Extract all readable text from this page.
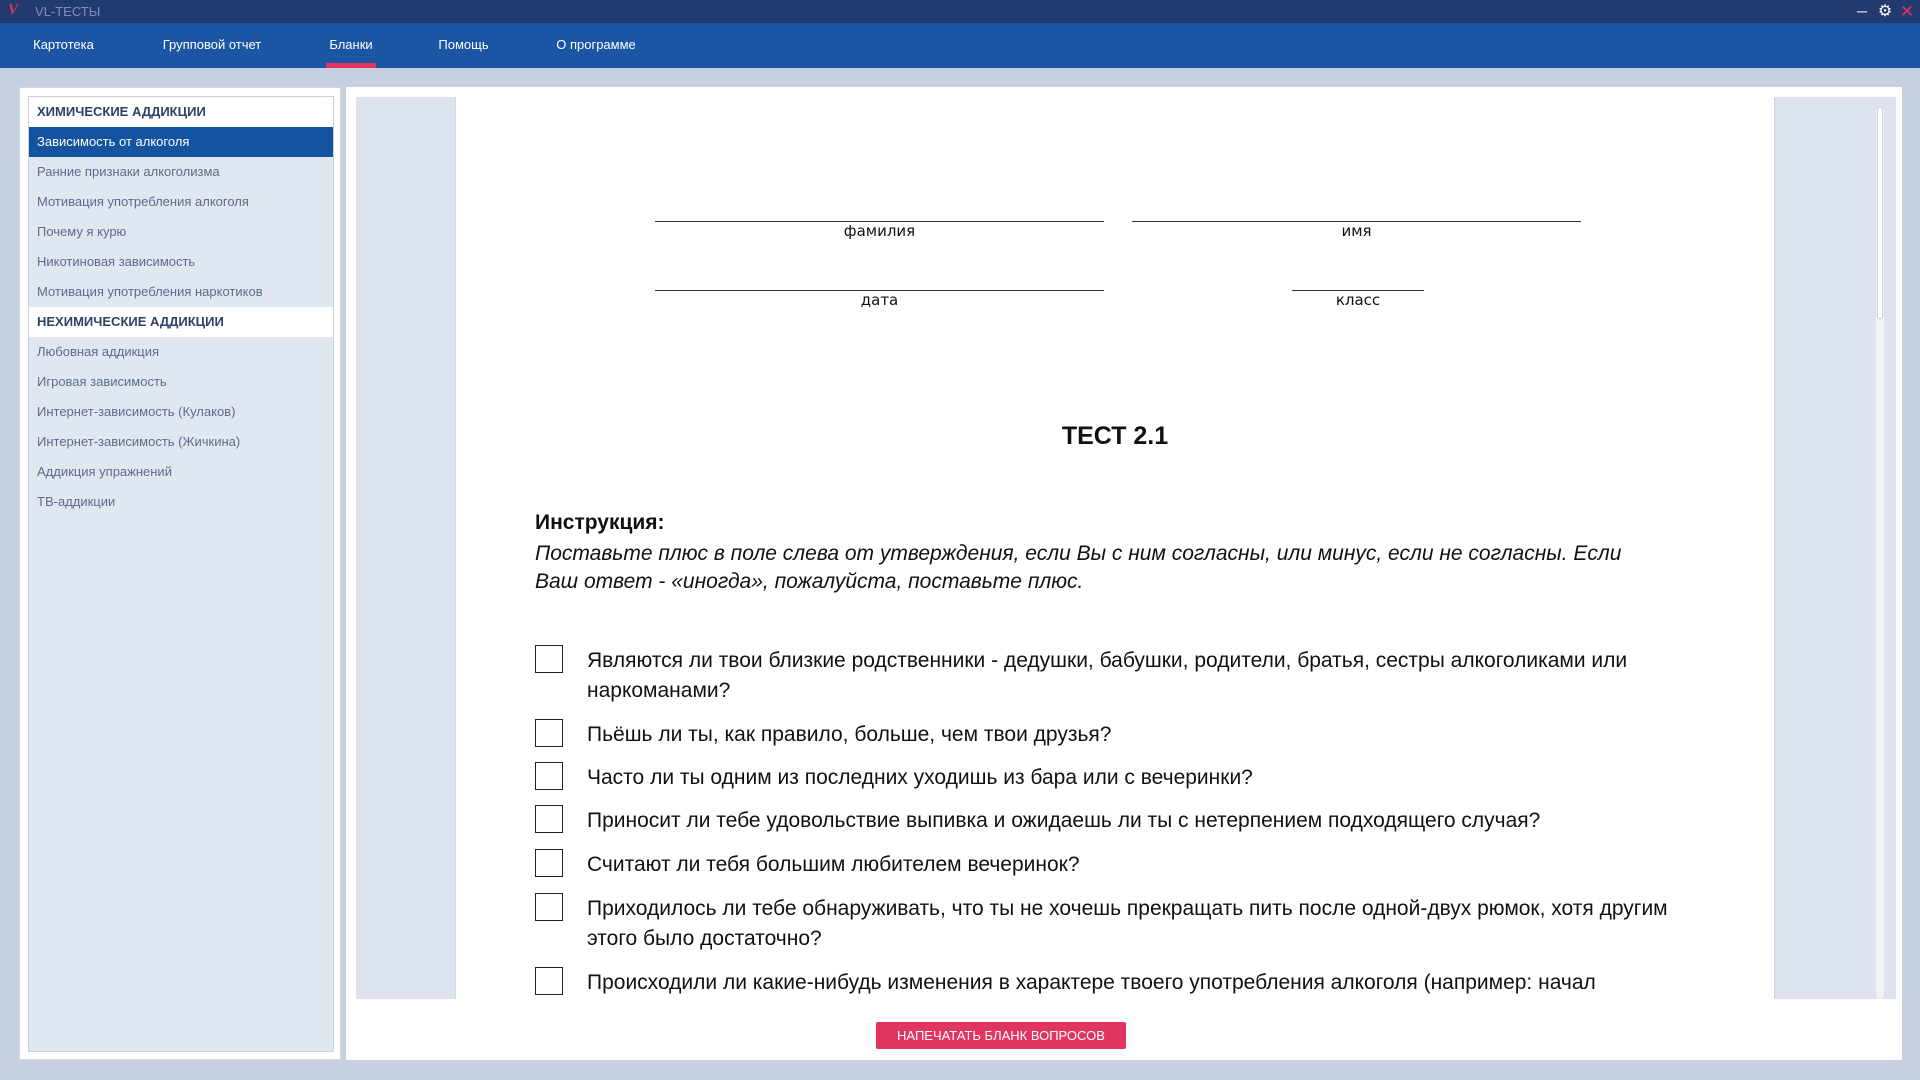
V	VL-ТЕСТЫ	─ ⚙ ✕
Картотека	Групповой отчет	Бланки	Помощь	О программе
ХИМИЧЕСКИЕ АДДИКЦИИ
Зависимость от алкоголя
Ранние признаки алкоголизма
Мотивация употребления алкоголя
Почему я курю
Никотиновая зависимость
Мотивация употребления наркотиков
НЕХИМИЧЕСКИЕ АДДИКЦИИ
Любовная аддикция
Игровая зависимость
Интернет-зависимость (Кулаков)
Интернет-зависимость (Жичкина)
Аддикция упражнений
ТВ-аддикции
фамилия	имя
дата	класс
ТЕСТ 2.1
Инструкция:
Поставьте плюс в поле слева от утверждения, если Вы с ним согласны, или минус, если не согласны. Если Ваш ответ - «иногда», пожалуйста, поставьте плюс.
Являются ли твои близкие родственники - дедушки, бабушки, родители, братья, сестры алкоголиками или наркоманами?
Пьёшь ли ты, как правило, больше, чем твои друзья?
Часто ли ты одним из последних уходишь из бара или с вечеринки?
Приносит ли тебе удовольствие выпивка и ожидаешь ли ты с нетерпением подходящего случая?
Считают ли тебя большим любителем вечеринок?
Приходилось ли тебе обнаруживать, что ты не хочешь прекращать пить после одной-двух рюмок, хотя другим этого было достаточно?
Происходили ли какие-нибудь изменения в характере твоего употребления алкоголя (например: начал
НАПЕЧАТАТЬ БЛАНК ВОПРОСОВ
